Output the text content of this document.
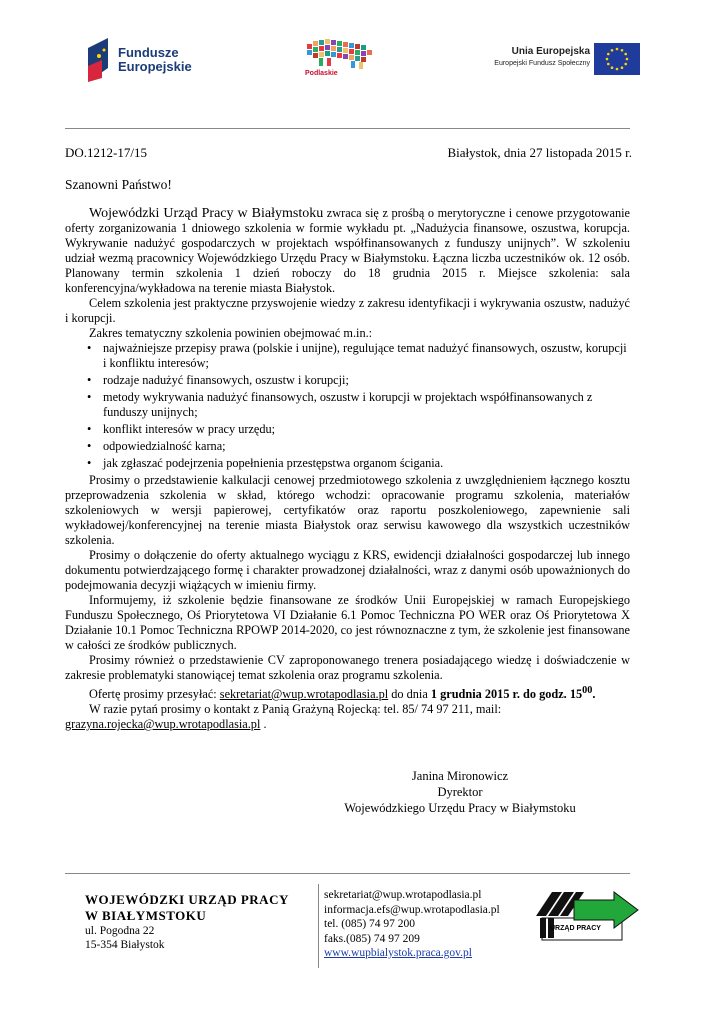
Fundusze
Europejskie	Podlaskie
Unia Europejska
Europejski Fundusz Społeczny
DO.1212-17/15	Białystok, dnia 27 listopada 2015 r.
Szanowni Państwo!

Wojewódzki Urząd Pracy w Białymstoku zwraca się z prośbą o merytoryczne i cenowe przygotowanie oferty zorganizowania 1 dniowego szkolenia w formie wykładu pt. „Nadużycia finansowe, oszustwa, korupcja. Wykrywanie nadużyć gospodarczych w projektach współfinansowanych z funduszy unijnych”. W szkoleniu udział wezmą pracownicy Wojewódzkiego Urzędu Pracy w Białymstoku. Łączna liczba uczestników ok. 12 osób. Planowany termin szkolenia 1 dzień roboczy do 18 grudnia 2015 r. Miejsce szkolenia: sala konferencyjna/wykładowa na terenie miasta Białystok.

Celem szkolenia jest praktyczne przyswojenie wiedzy z zakresu identyfikacji i wykrywania oszustw, nadużyć i korupcji.

Zakres tematyczny szkolenia powinien obejmować m.in.:

• najważniejsze przepisy prawa (polskie i unijne), regulujące temat nadużyć finansowych, oszustw, korupcji i konfliktu interesów;
• rodzaje nadużyć finansowych, oszustw i korupcji;
• metody wykrywania nadużyć finansowych, oszustw i korupcji w projektach współfinansowanych z funduszy unijnych;
• konflikt interesów w pracy urzędu;
• odpowiedzialność karna;
• jak zgłaszać podejrzenia popełnienia przestępstwa organom ścigania.

Prosimy o przedstawienie kalkulacji cenowej przedmiotowego szkolenia z uwzględnieniem łącznego kosztu przeprowadzenia szkolenia w skład, którego wchodzi: opracowanie programu szkolenia, materiałów szkoleniowych w wersji papierowej, certyfikatów oraz raportu poszkoleniowego, zapewnienie sali wykładowej/konferencyjnej na terenie miasta Białystok oraz serwisu kawowego dla wszystkich uczestników szkolenia.

Prosimy o dołączenie do oferty aktualnego wyciągu z KRS, ewidencji działalności gospodarczej lub innego dokumentu potwierdzającego formę i charakter prowadzonej działalności, wraz z danymi osób upoważnionych do podejmowania decyzji wiążących w imieniu firmy.

Informujemy, iż szkolenie będzie finansowane ze środków Unii Europejskiej w ramach Europejskiego Funduszu Społecznego, Oś Priorytetowa VI Działanie 6.1 Pomoc Techniczna PO WER oraz Oś Priorytetowa X Działanie 10.1 Pomoc Techniczna RPOWP 2014-2020, co jest równoznaczne z tym, że szkolenie jest finansowane w całości ze środków publicznych.

Prosimy również o przedstawienie CV zaproponowanego trenera posiadającego wiedzę i doświadczenie w zakresie problematyki stanowiącej temat szkolenia oraz programu szkolenia.

Ofertę prosimy przesyłać: sekretariat@wup.wrotapodlasia.pl do dnia 1 grudnia 2015 r. do godz. $15^{00}$.

W razie pytań prosimy o kontakt z Panią Grażyną Rojecką: tel. 85/ 74 97 211, mail:

grazyna.rojecka@wup.wrotapodlasia.pl .
Janina Mironowicz
Dyrektor
Wojewódzkiego Urzędu Pracy w Białymstoku
WOJEWÓDZKI URZĄD PRACY
W BIAŁYMSTOKU
ul. Pogodna 22
15-354 Białystok
sekretariat@wup.wrotapodlasia.pl
informacja.efs@wup.wrotapodlasia.pl
tel. (085) 74 97 200
faks.(085) 74 97 209
www.wupbialystok.praca.gov.pl
URZĄD PRACY
